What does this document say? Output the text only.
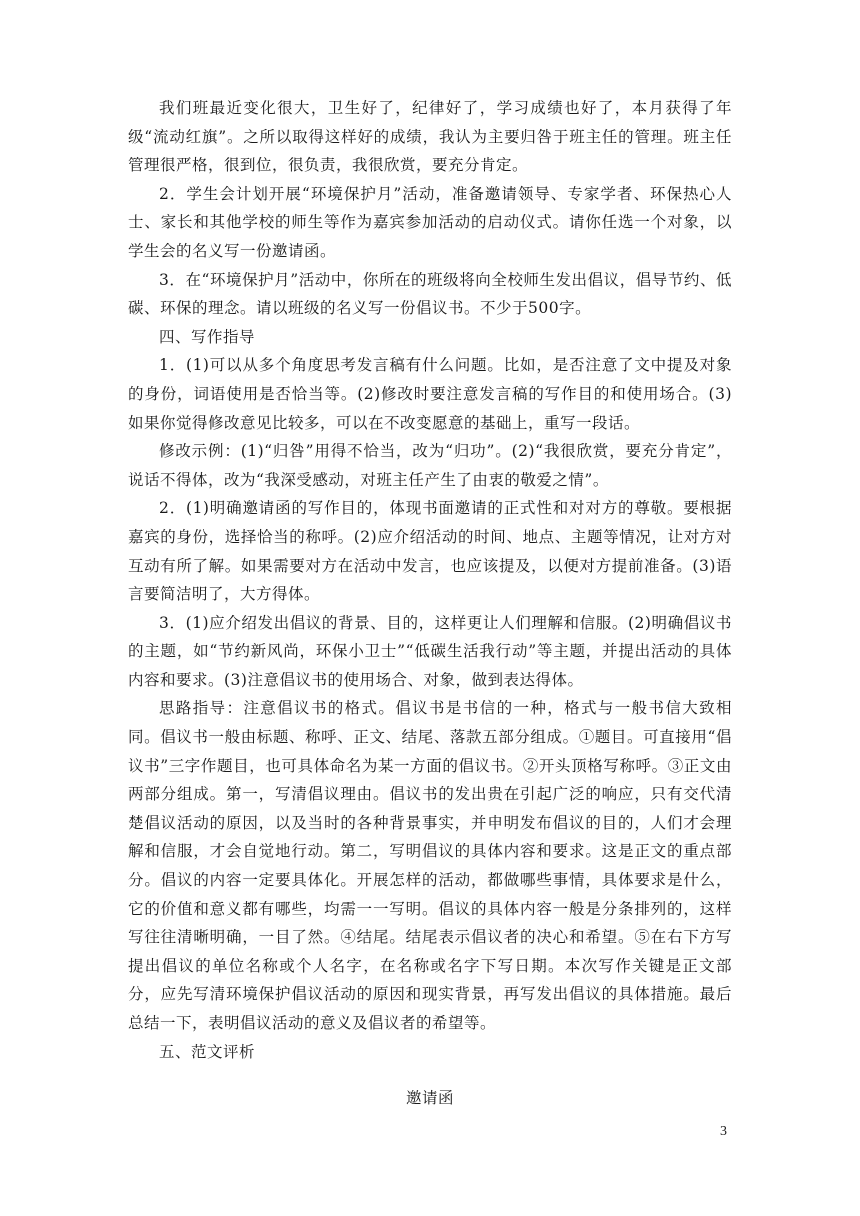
我们班最近变化很大，卫生好了，纪律好了，学习成绩也好了，本月获得了年级“流动红旗”。之所以取得这样好的成绩，我认为主要归咎于班主任的管理。班主任管理很严格，很到位，很负责，我很欣赏，要充分肯定。

2．学生会计划开展“环境保护月”活动，准备邀请领导、专家学者、环保热心人士、家长和其他学校的师生等作为嘉宾参加活动的启动仪式。请你任选一个对象，以学生会的名义写一份邀请函。

3．在“环境保护月”活动中，你所在的班级将向全校师生发出倡议，倡导节约、低碳、环保的理念。请以班级的名义写一份倡议书。不少于500字。

四、写作指导

1．(1)可以从多个角度思考发言稿有什么问题。比如，是否注意了文中提及对象的身份，词语使用是否恰当等。(2)修改时要注意发言稿的写作目的和使用场合。(3)如果你觉得修改意见比较多，可以在不改变愿意的基础上，重写一段话。

修改示例：(1)“归咎”用得不恰当，改为“归功”。(2)“我很欣赏，要充分肯定”，说话不得体，改为“我深受感动，对班主任产生了由衷的敬爱之情”。

2．(1)明确邀请函的写作目的，体现书面邀请的正式性和对对方的尊敬。要根据嘉宾的身份，选择恰当的称呼。(2)应介绍活动的时间、地点、主题等情况，让对方对互动有所了解。如果需要对方在活动中发言，也应该提及，以便对方提前准备。(3)语言要简洁明了，大方得体。

3．(1)应介绍发出倡议的背景、目的，这样更让人们理解和信服。(2)明确倡议书的主题，如“节约新风尚，环保小卫士”“低碳生活我行动”等主题，并提出活动的具体内容和要求。(3)注意倡议书的使用场合、对象，做到表达得体。

思路指导：注意倡议书的格式。倡议书是书信的一种，格式与一般书信大致相同。倡议书一般由标题、称呼、正文、结尾、落款五部分组成。①题目。可直接用“倡议书”三字作题目，也可具体命名为某一方面的倡议书。②开头顶格写称呼。③正文由两部分组成。第一，写清倡议理由。倡议书的发出贵在引起广泛的响应，只有交代清楚倡议活动的原因，以及当时的各种背景事实，并申明发布倡议的目的，人们才会理解和信服，才会自觉地行动。第二，写明倡议的具体内容和要求。这是正文的重点部分。倡议的内容一定要具体化。开展怎样的活动，都做哪些事情，具体要求是什么，它的价值和意义都有哪些，均需一一写明。倡议的具体内容一般是分条排列的，这样写往往清晰明确，一目了然。④结尾。结尾表示倡议者的决心和希望。⑤在右下方写提出倡议的单位名称或个人名字，在名称或名字下写日期。本次写作关键是正文部分，应先写清环境保护倡议活动的原因和现实背景，再写发出倡议的具体措施。最后总结一下，表明倡议活动的意义及倡议者的希望等。

五、范文评析

邀请函

3
